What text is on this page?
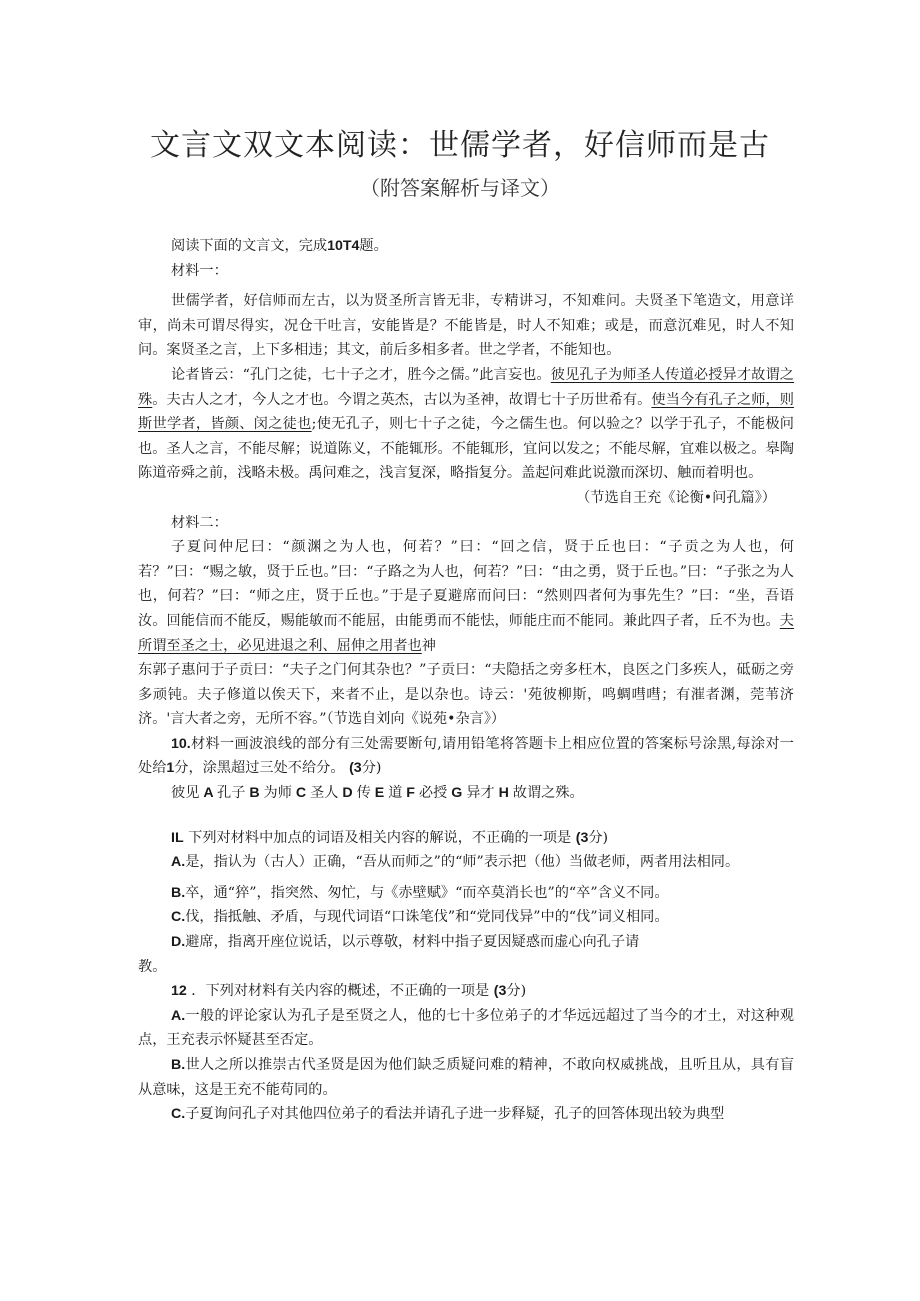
文言文双文本阅读：世儒学者，好信师而是古
（附答案解析与译文）

阅读下面的文言文，完成10T4题。

材料一：

世儒学者，好信师而左古，以为贤圣所言皆无非，专精讲习，不知难问。夫贤圣下笔造文，用意详审，尚未可谓尽得实，况仓干吐言，安能皆是？不能皆是，时人不知难；或是，而意沉难见，时人不知问。案贤圣之言，上下多相违；其文，前后多相多者。世之学者，不能知也。

论者皆云：“孔门之徒，七十子之才，胜今之儒。”此言妄也。彼见孔子为师圣人传道必授异才故谓之殊。夫古人之才，今人之才也。今谓之英杰，古以为圣神，故谓七十子历世希有。使当今有孔子之师，则斯世学者，皆颜、闵之徒也;使无孔子，则七十子之徒，今之儒生也。何以验之？以学于孔子，不能极问也。圣人之言，不能尽解；说道陈义，不能辄形。不能辄形，宜问以发之；不能尽解，宜难以极之。皋陶陈道帝舜之前，浅略未极。禹问难之，浅言复深，略指复分。盖起问难此说激而深切、触而着明也。

（节选自王充《论衡•问孔篇》）

材料二：

子夏问仲尼曰：“颜渊之为人也，何若？”曰：“回之信，贤于丘也曰：“子贡之为人也，何若？”曰：“赐之敏，贤于丘也。”曰：“子路之为人也，何若？”曰：“由之勇，贤于丘也。”曰：“子张之为人也，何若？”曰：“师之庄，贤于丘也。”于是子夏避席而问曰：“然则四者何为事先生？”曰：“坐，吾语汝。回能信而不能反，赐能敏而不能屈，由能勇而不能怯，师能庄而不能同。兼此四子者，丘不为也。夫所谓至圣之士，必见进退之利、屈伸之用者也神

东郭子惠问于子贡曰：“夫子之门何其杂也？”子贡曰：“夫隐括之旁多枉木，良医之门多疾人，砥砺之旁多顽钝。夫子修道以俟天下，来者不止，是以杂也。诗云：'苑彼柳斯，鸣蜩嘒嘒；有漼者渊，莞苇济济。'言大者之旁，无所不容。”（节选自刘向《说苑•杂言》）

10.材料一画波浪线的部分有三处需要断句,请用铅笔将答题卡上相应位置的答案标号涂黑,每涂对一处给1分，涂黑超过三处不给分。 (3分)

彼见 A 孔子 B 为师 C 圣人 D 传 E 道 F 必授 G 异才 H 故谓之殊。

IL 下列对材料中加点的词语及相关内容的解说，不正确的一项是 (3分)

A.是，指认为（古人）正确，“吾从而师之”的“师”表示把（他）当做老师，两者用法相同。

B.卒，通“猝”，指突然、匆忙，与《赤壁赋》“而卒莫消长也”的“卒”含义不同。

C.伐，指抵触、矛盾，与现代词语“口诛笔伐”和“党同伐异”中的“伐”词义相同。

D.避席，指离开座位说话，以示尊敬，材料中指子夏因疑惑而虚心向孔子请

教。

12 ．下列对材料有关内容的概述，不正确的一项是 (3分)

A.一般的评论家认为孔子是至贤之人，他的七十多位弟子的才华远远超过了当今的才土，对这种观点，王充表示怀疑甚至否定。

B.世人之所以推崇古代圣贤是因为他们缺乏质疑问难的精神，不敢向权威挑战，且听且从，具有盲从意味，这是王充不能苟同的。

C.子夏询问孔子对其他四位弟子的看法并请孔子进一步释疑，孔子的回答体现出较为典型
